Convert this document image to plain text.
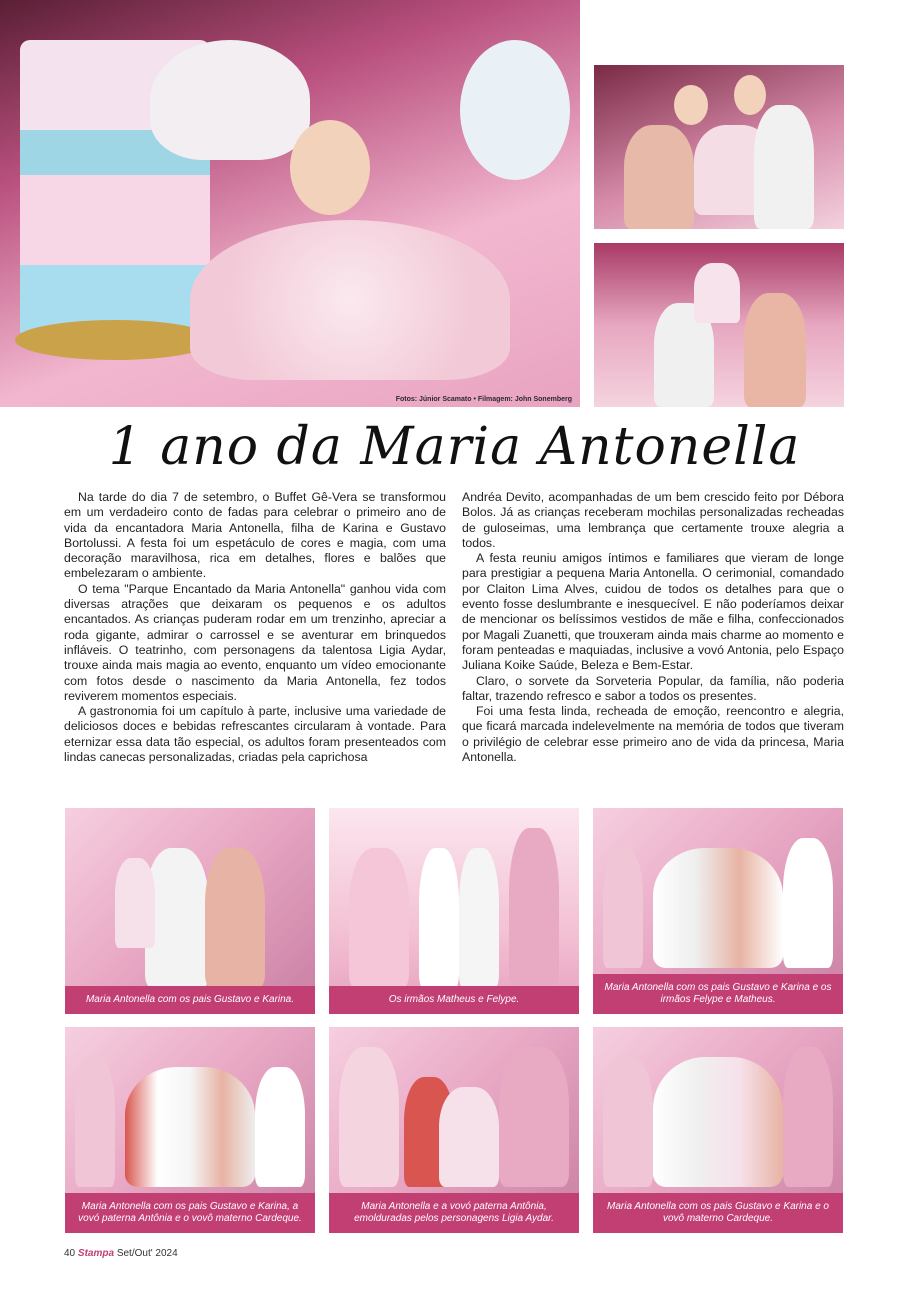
Fotos: Júnior Scamato • Filmagem: John Sonemberg
1 ano da Maria Antonella

Na tarde do dia 7 de setembro, o Buffet Gê-Vera se transformou em um verdadeiro conto de fadas para celebrar o primeiro ano de vida da encantadora Maria Antonella, filha de Karina e Gustavo Bortolussi. A festa foi um espetáculo de cores e magia, com uma decoração maravilhosa, rica em detalhes, flores e balões que embelezaram o ambiente.

O tema "Parque Encantado da Maria Antonella" ganhou vida com diversas atrações que deixaram os pequenos e os adultos encantados. As crianças puderam rodar em um trenzinho, apreciar a roda gigante, admirar o carrossel e se aventurar em brinquedos infláveis. O teatrinho, com personagens da talentosa Ligia Aydar, trouxe ainda mais magia ao evento, enquanto um vídeo emocionante com fotos desde o nascimento da Maria Antonella, fez todos reviverem momentos especiais.

A gastronomia foi um capítulo à parte, inclusive uma variedade de deliciosos doces e bebidas refrescantes circularam à vontade. Para eternizar essa data tão especial, os adultos foram presenteados com lindas canecas personalizadas, criadas pela caprichosa

Andréa Devito, acompanhadas de um bem crescido feito por Débora Bolos. Já as crianças receberam mochilas personalizadas recheadas de guloseimas, uma lembrança que certamente trouxe alegria a todos.

A festa reuniu amigos íntimos e familiares que vieram de longe para prestigiar a pequena Maria Antonella. O cerimonial, comandado por Claiton Lima Alves, cuidou de todos os detalhes para que o evento fosse deslumbrante e inesquecível. E não poderíamos deixar de mencionar os belíssimos vestidos de mãe e filha, confeccionados por Magali Zuanetti, que trouxeram ainda mais charme ao momento e foram penteadas e maquiadas, inclusive a vovó Antonia, pelo Espaço Juliana Koike Saúde, Beleza e Bem-Estar.

Claro, o sorvete da Sorveteria Popular, da família, não poderia faltar, trazendo refresco e sabor a todos os presentes.

Foi uma festa linda, recheada de emoção, reencontro e alegria, que ficará marcada indelevelmente na memória de todos que tiveram o privilégio de celebrar esse primeiro ano de vida da princesa, Maria Antonella.

Maria Antonella com os pais Gustavo e Karina.	Os irmãos Matheus e Felype.
Maria Antonella com os pais Gustavo e Karina e os irmãos Felype e Matheus.
Maria Antonella com os pais Gustavo e Karina, a vovó paterna Antônia e o vovô materno Cardeque.
Maria Antonella e a vovó paterna Antônia, emolduradas pelos personagens Ligia Aydar.
Maria Antonella com os pais Gustavo e Karina e o vovô materno Cardeque.
40 Stampa Set/Out' 2024
